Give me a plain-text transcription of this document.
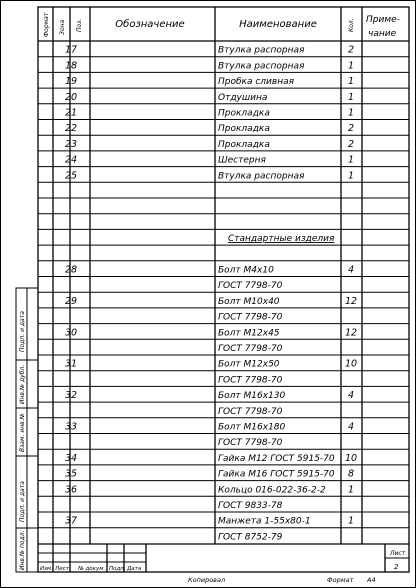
Формат Зона Поз.	Обозначение	Наименование	Кол. Приме-
чание
17	Втулка распорная	2
18	Втулка распорная	1
19	Пробка сливная	1
20	Отдушина	1
21	Прокладка	1
22	Прокладка	2
23	Прокладка	2
24	Шестерня	1
25	Втулка распорная	1
Стандартные изделия
28	Болт М4х10	4
ГОСТ 7798-70
29	Болт М10х40	12
ГОСТ 7798-70
30	Болт М12х45	12
ГОСТ 7798-70
31	Болт М12х50	10
ГОСТ 7798-70
32	Болт М16х130	4
ГОСТ 7798-70
33	Болт М16х180	4
ГОСТ 7798-70
34	Гайка М12 ГОСТ 5915-70 10
35	Гайка М16 ГОСТ 5915-70 8
36	Кольцо 016-022-36-2-2 1
ГОСТ 9833-78
37	Манжета 1-55х80-1	1
ГОСТ 8752-79
Подп. и дата
Инв.№ дубл.
Взам. инв.№
Подп. и дата
Инв.№ подл.	Изм. Лист № докум. Подп. Дата
Лист
2
Копировал	Формат А4
